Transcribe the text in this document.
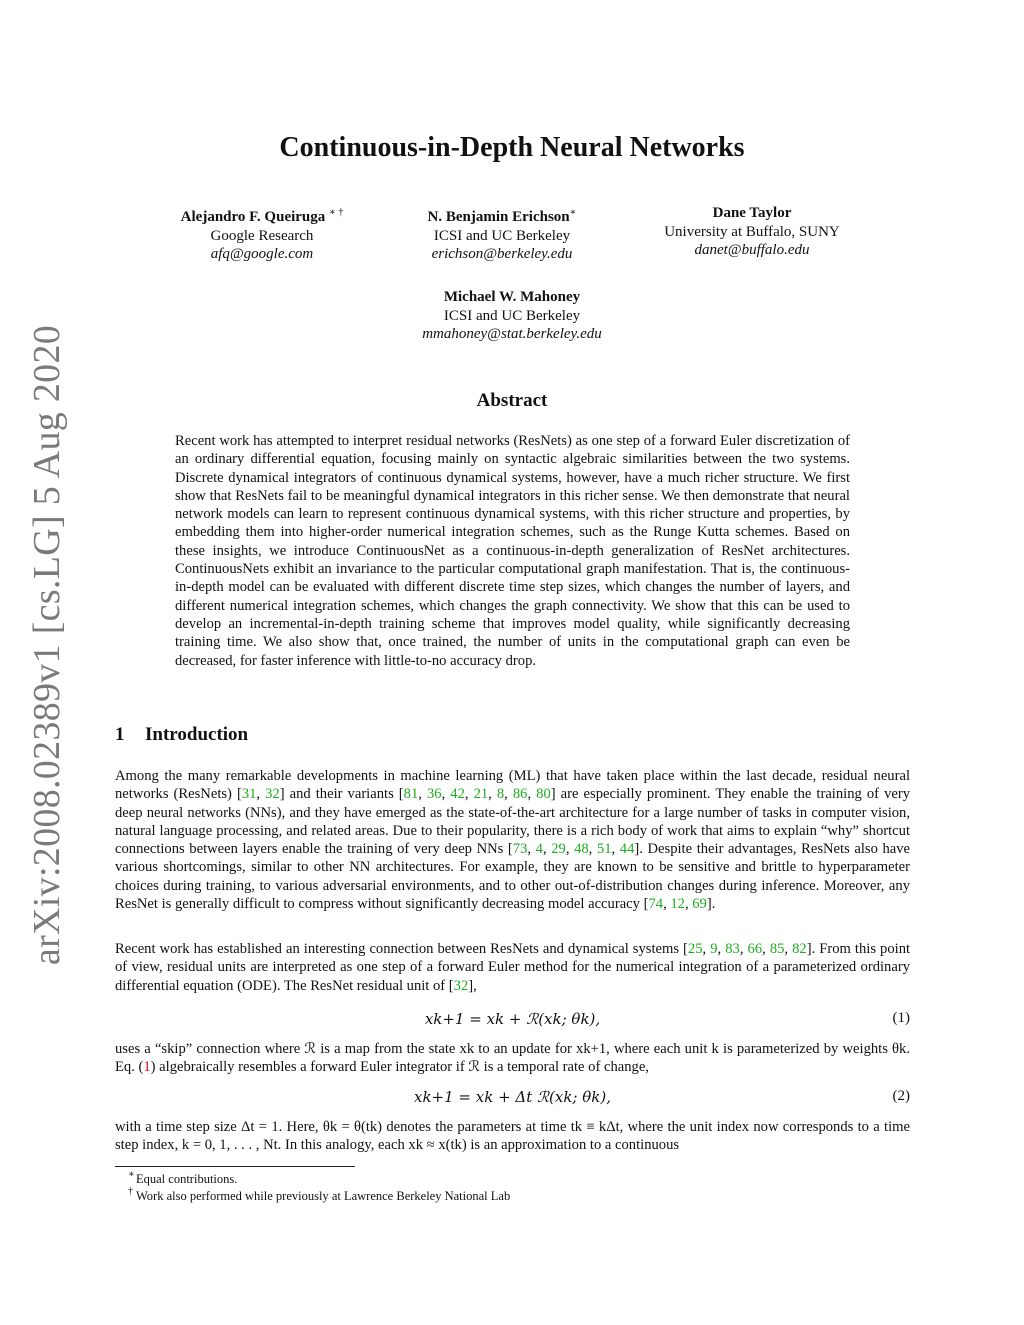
arXiv:2008.02389v1 [cs.LG] 5 Aug 2020
Continuous-in-Depth Neural Networks
Alejandro F. Queiruga ∗ †
Google Research
afq@google.com
N. Benjamin Erichson∗
ICSI and UC Berkeley
erichson@berkeley.edu
Dane Taylor
University at Buffalo, SUNY
danet@buffalo.edu
Michael W. Mahoney
ICSI and UC Berkeley
mmahoney@stat.berkeley.edu
Abstract

Recent work has attempted to interpret residual networks (ResNets) as one step of a forward Euler discretization of an ordinary differential equation, focusing mainly on syntactic algebraic similarities between the two systems. Discrete dynamical integrators of continuous dynamical systems, however, have a much richer structure. We first show that ResNets fail to be meaningful dynamical integrators in this richer sense. We then demonstrate that neural network models can learn to represent continuous dynamical systems, with this richer structure and properties, by embedding them into higher-order numerical integration schemes, such as the Runge Kutta schemes. Based on these insights, we introduce ContinuousNet as a continuous-in-depth generalization of ResNet architectures. ContinuousNets exhibit an invariance to the particular computational graph manifestation. That is, the continuous-in-depth model can be evaluated with different discrete time step sizes, which changes the number of layers, and different numerical integration schemes, which changes the graph connectivity. We show that this can be used to develop an incremental-in-depth training scheme that improves model quality, while significantly decreasing training time. We also show that, once trained, the number of units in the computational graph can even be decreased, for faster inference with little-to-no accuracy drop.

1 Introduction

Among the many remarkable developments in machine learning (ML) that have taken place within the last decade, residual neural networks (ResNets) [31, 32] and their variants [81, 36, 42, 21, 8, 86, 80] are especially prominent. They enable the training of very deep neural networks (NNs), and they have emerged as the state-of-the-art architecture for a large number of tasks in computer vision, natural language processing, and related areas. Due to their popularity, there is a rich body of work that aims to explain “why” shortcut connections between layers enable the training of very deep NNs [73, 4, 29, 48, 51, 44]. Despite their advantages, ResNets also have various shortcomings, similar to other NN architectures. For example, they are known to be sensitive and brittle to hyperparameter choices during training, to various adversarial environments, and to other out-of-distribution changes during inference. Moreover, any ResNet is generally difficult to compress without significantly decreasing model accuracy [74, 12, 69].

Recent work has established an interesting connection between ResNets and dynamical systems [25, 9, 83, 66, 85, 82]. From this point of view, residual units are interpreted as one step of a forward Euler method for the numerical integration of a parameterized ordinary differential equation (ODE). The ResNet residual unit of [32],

xk+1 = xk + ℛ(xk; θk),	(1)

uses a “skip” connection where ℛ is a map from the state xk to an update for xk+1, where each unit k is parameterized by weights θk. Eq. (1) algebraically resembles a forward Euler integrator if ℛ is a temporal rate of change,

xk+1 = xk + Δt ℛ(xk; θk),	(2)

with a time step size Δt = 1. Here, θk = θ(tk) denotes the parameters at time tk ≡ kΔt, where the unit index now corresponds to a time step index, k = 0, 1, . . . , Nt. In this analogy, each xk ≈ x(tk) is an approximation to a continuous

∗ Equal contributions.
† Work also performed while previously at Lawrence Berkeley National Lab
